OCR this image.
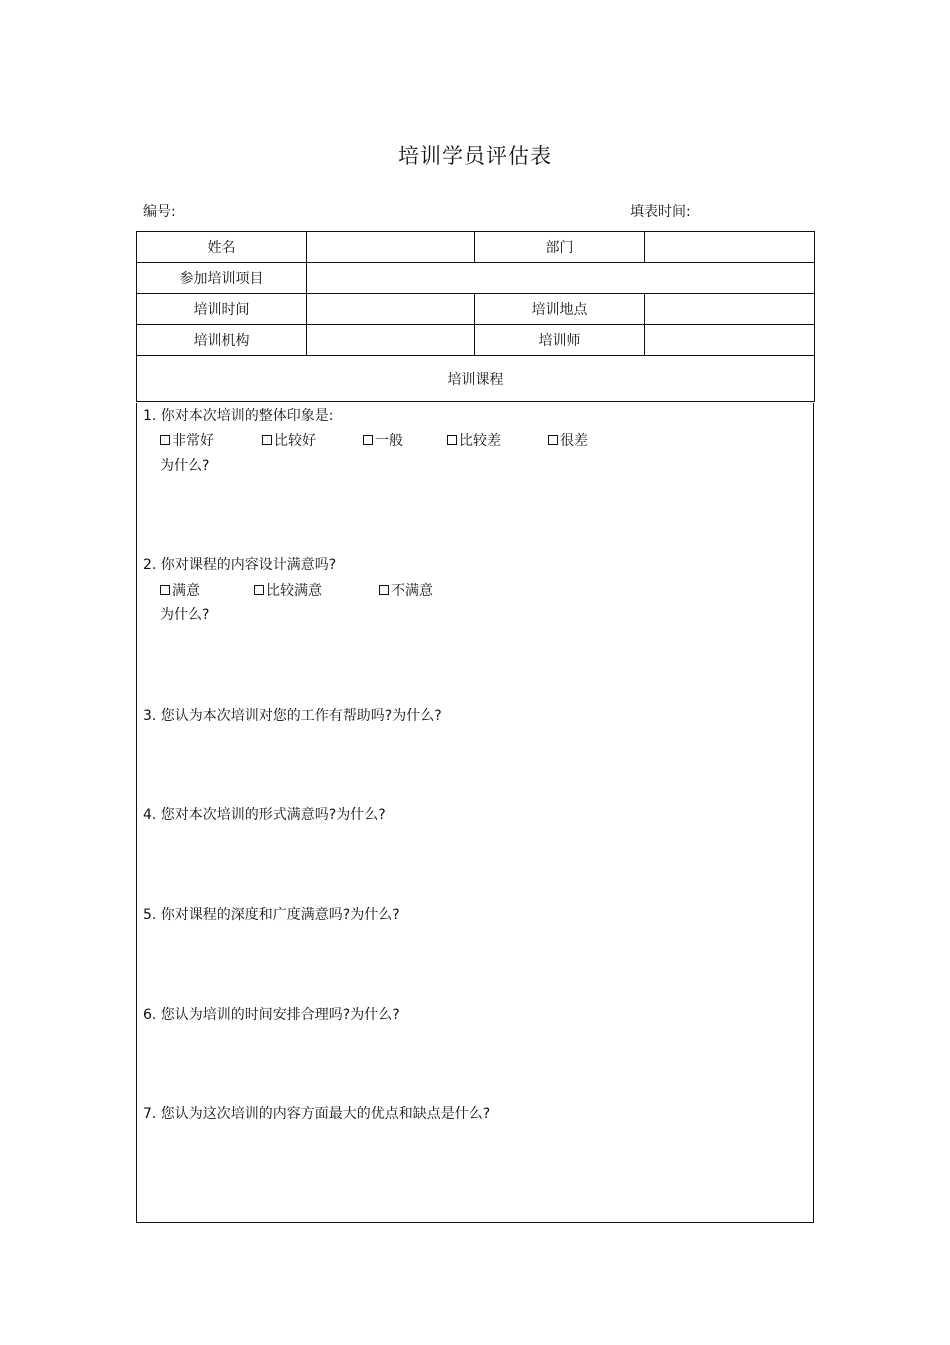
培训学员评估表
编号:	填表时间:
姓名		部门	
参加培训项目			
培训时间		培训地点	
培训机构		培训师	
培训课程			
1. 你对本次培训的整体印象是:
非常好	比较好	一般	比较差	很差
为什么?
2. 你对课程的内容设计满意吗?
满意	比较满意	不满意
为什么?
3. 您认为本次培训对您的工作有帮助吗?为什么?
4. 您对本次培训的形式满意吗?为什么?
5. 你对课程的深度和广度满意吗?为什么?
6. 您认为培训的时间安排合理吗?为什么?
7. 您认为这次培训的内容方面最大的优点和缺点是什么?
